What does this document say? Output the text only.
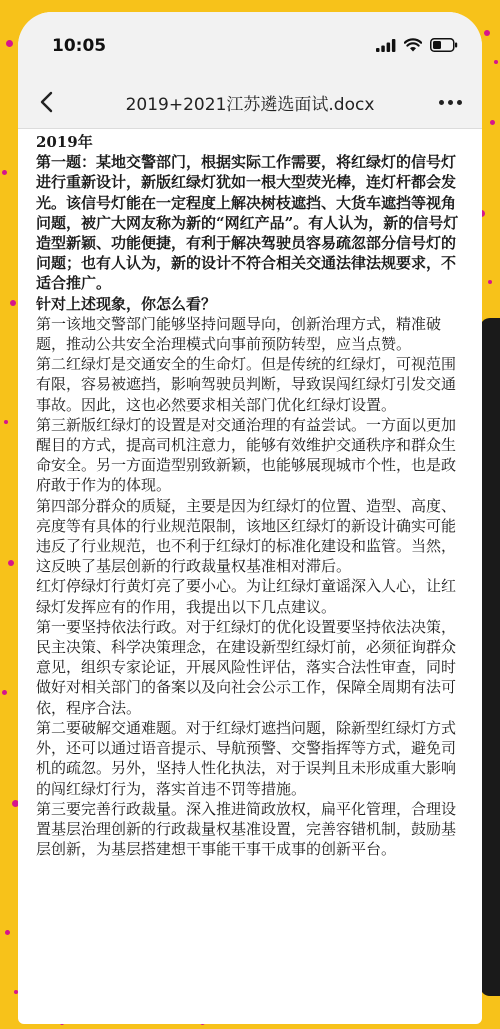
10:05
2019+2021江苏遴选面试.docx

2019年

第一题：某地交警部门，根据实际工作需要，将红绿灯的信号灯进行重新设计，新版红绿灯犹如一根大型荧光棒，连灯杆都会发光。该信号灯能在一定程度上解决树枝遮挡、大货车遮挡等视角问题，被广大网友称为新的“网红产品”。有人认为，新的信号灯造型新颖、功能便捷，有利于解决驾驶员容易疏忽部分信号灯的问题；也有人认为，新的设计不符合相关交通法律法规要求，不适合推广。

针对上述现象，你怎么看？

第一该地交警部门能够坚持问题导向，创新治理方式，精准破题，推动公共安全治理模式向事前预防转型，应当点赞。

第二红绿灯是交通安全的生命灯。但是传统的红绿灯，可视范围有限，容易被遮挡，影响驾驶员判断，导致误闯红绿灯引发交通事故。因此，这也必然要求相关部门优化红绿灯设置。

第三新版红绿灯的设置是对交通治理的有益尝试。一方面以更加醒目的方式，提高司机注意力，能够有效维护交通秩序和群众生命安全。另一方面造型别致新颖，也能够展现城市个性，也是政府敢于作为的体现。

第四部分群众的质疑，主要是因为红绿灯的位置、造型、高度、亮度等有具体的行业规范限制，该地区红绿灯的新设计确实可能违反了行业规范，也不利于红绿灯的标准化建设和监管。当然，这反映了基层创新的行政裁量权基准相对滞后。

红灯停绿灯行黄灯亮了要小心。为让红绿灯童谣深入人心，让红绿灯发挥应有的作用，我提出以下几点建议。

第一要坚持依法行政。对于红绿灯的优化设置要坚持依法决策，民主决策、科学决策理念，在建设新型红绿灯前，必须征询群众意见，组织专家论证，开展风险性评估，落实合法性审查，同时做好对相关部门的备案以及向社会公示工作，保障全周期有法可依，程序合法。

第二要破解交通难题。对于红绿灯遮挡问题，除新型红绿灯方式外，还可以通过语音提示、导航预警、交警指挥等方式，避免司机的疏忽。另外，坚持人性化执法，对于误判且未形成重大影响的闯红绿灯行为，落实首违不罚等措施。

第三要完善行政裁量。深入推进简政放权，扁平化管理，合理设置基层治理创新的行政裁量权基准设置，完善容错机制，鼓励基层创新，为基层搭建想干事能干事干成事的创新平台。
